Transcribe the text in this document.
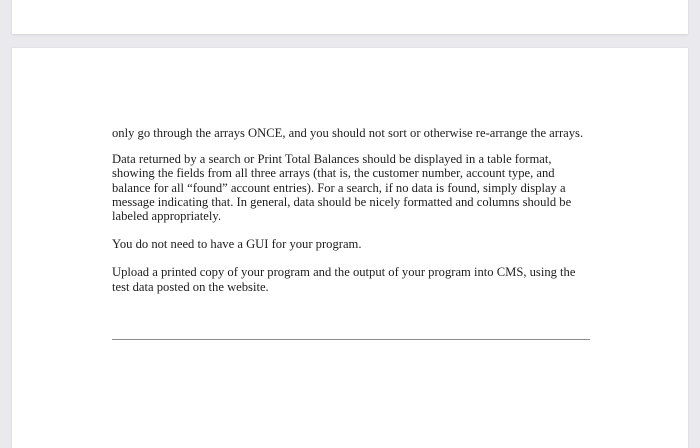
only go through the arrays ONCE, and you should not sort or otherwise re-arrange the arrays.

Data returned by a search or Print Total Balances should be displayed in a table format, showing the fields from all three arrays (that is, the customer number, account type, and balance for all “found” account entries). For a search, if no data is found, simply display a message indicating that. In general, data should be nicely formatted and columns should be labeled appropriately.

You do not need to have a GUI for your program.

Upload a printed copy of your program and the output of your program into CMS, using the test data posted on the website.
